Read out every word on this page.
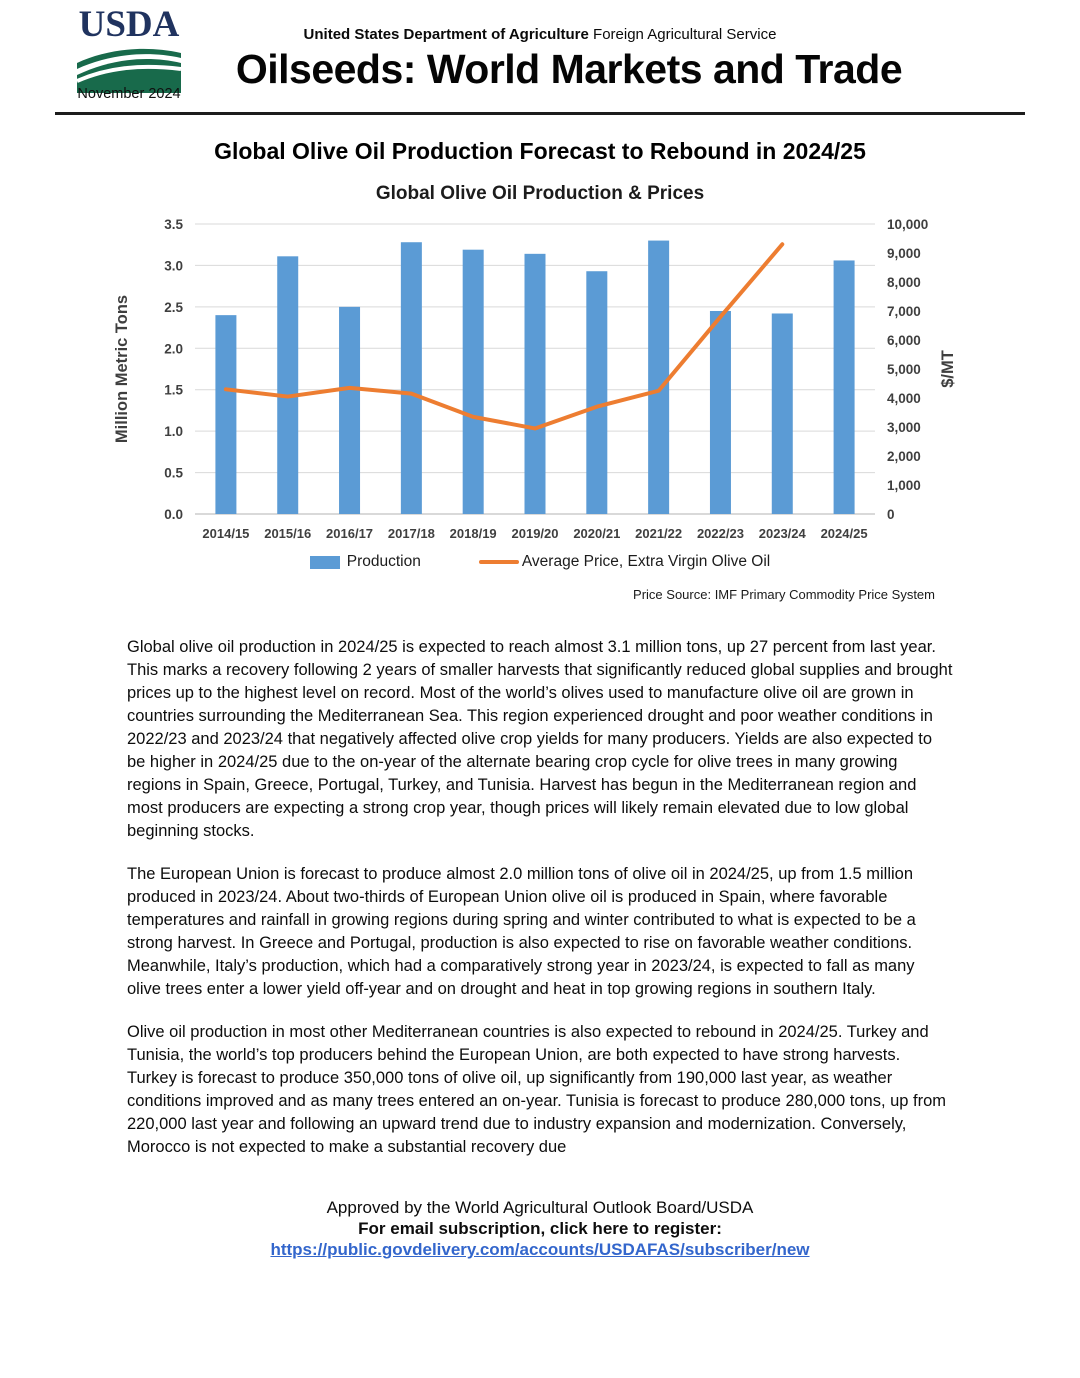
USDA
November 2024
United States Department of Agriculture Foreign Agricultural Service
Oilseeds: World Markets and Trade
Global Olive Oil Production Forecast to Rebound in 2024/25
Global Olive Oil Production & Prices
0.0
0.5
1.0
1.5
2.0
2.5
3.0
3.5
0
1,000
2,000
3,000
4,000
5,000
6,000
7,000
8,000
9,000
10,000
2014/15 2015/16 2016/17 2017/18 2018/19 2019/20 2020/21 2021/22 2022/23 2023/24 2024/25
Million Metric Tons	$/MT
Production	Average Price, Extra Virgin Olive Oil
Price Source: IMF Primary Commodity Price System

Global olive oil production in 2024/25 is expected to reach almost 3.1 million tons, up 27 percent from last year. This marks a recovery following 2 years of smaller harvests that significantly reduced global supplies and brought prices up to the highest level on record. Most of the world’s olives used to manufacture olive oil are grown in countries surrounding the Mediterranean Sea. This region experienced drought and poor weather conditions in 2022/23 and 2023/24 that negatively affected olive crop yields for many producers. Yields are also expected to be higher in 2024/25 due to the on-year of the alternate bearing crop cycle for olive trees in many growing regions in Spain, Greece, Portugal, Turkey, and Tunisia. Harvest has begun in the Mediterranean region and most producers are expecting a strong crop year, though prices will likely remain elevated due to low global beginning stocks.

The European Union is forecast to produce almost 2.0 million tons of olive oil in 2024/25, up from 1.5 million produced in 2023/24. About two-thirds of European Union olive oil is produced in Spain, where favorable temperatures and rainfall in growing regions during spring and winter contributed to what is expected to be a strong harvest. In Greece and Portugal, production is also expected to rise on favorable weather conditions. Meanwhile, Italy’s production, which had a comparatively strong year in 2023/24, is expected to fall as many olive trees enter a lower yield off-year and on drought and heat in top growing regions in southern Italy.

Olive oil production in most other Mediterranean countries is also expected to rebound in 2024/25. Turkey and Tunisia, the world’s top producers behind the European Union, are both expected to have strong harvests. Turkey is forecast to produce 350,000 tons of olive oil, up significantly from 190,000 last year, as weather conditions improved and as many trees entered an on-year. Tunisia is forecast to produce 280,000 tons, up from 220,000 last year and following an upward trend due to industry expansion and modernization. Conversely, Morocco is not expected to make a substantial recovery due

Approved by the World Agricultural Outlook Board/USDA
For email subscription, click here to register:
https://public.govdelivery.com/accounts/USDAFAS/subscriber/new
